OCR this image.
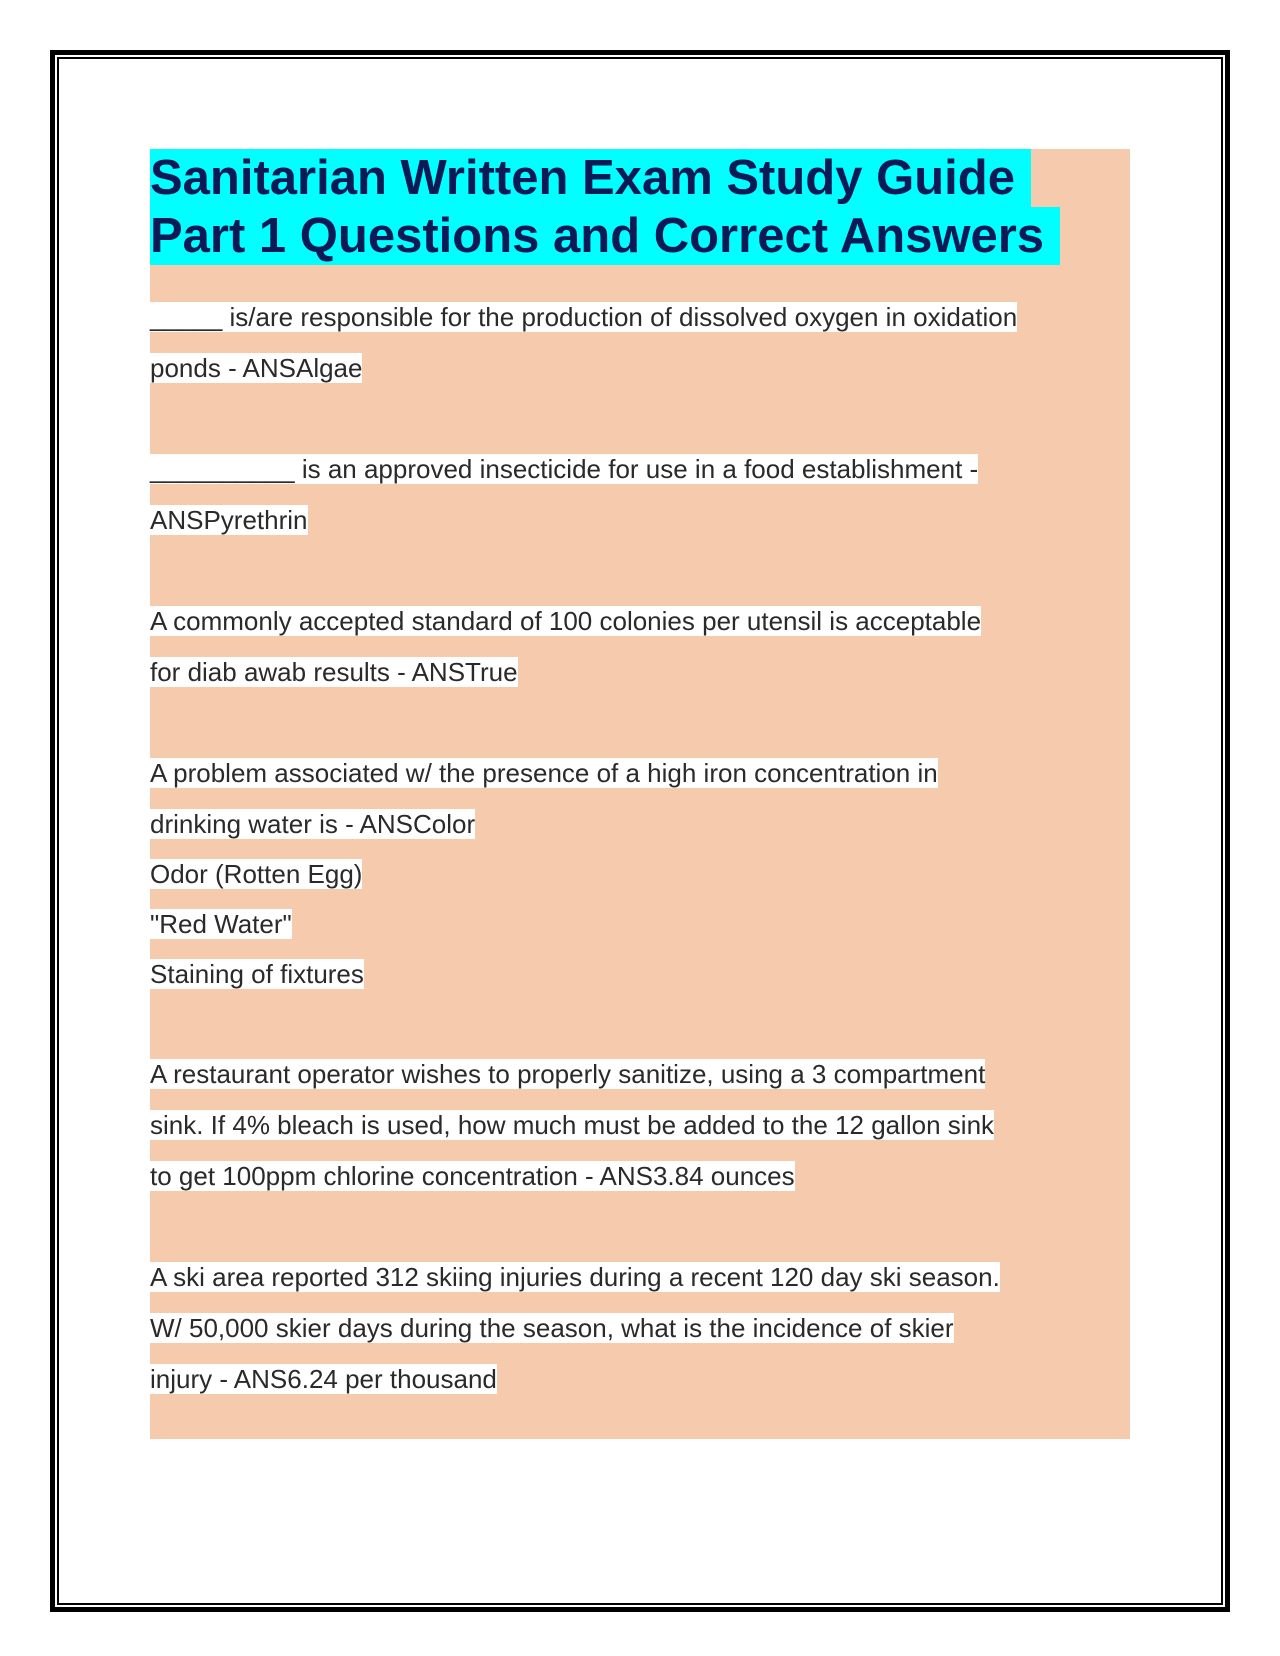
Sanitarian Written Exam Study Guide
Part 1 Questions and Correct Answers
_____ is/are responsible for the production of dissolved oxygen in oxidation
ponds - ANSAlgae
__________ is an approved insecticide for use in a food establishment -
ANSPyrethrin
A commonly accepted standard of 100 colonies per utensil is acceptable
for diab awab results - ANSTrue
A problem associated w/ the presence of a high iron concentration in
drinking water is - ANSColor
Odor (Rotten Egg)
"Red Water"
Staining of fixtures
A restaurant operator wishes to properly sanitize, using a 3 compartment
sink. If 4% bleach is used, how much must be added to the 12 gallon sink
to get 100ppm chlorine concentration - ANS3.84 ounces
A ski area reported 312 skiing injuries during a recent 120 day ski season.
W/ 50,000 skier days during the season, what is the incidence of skier
injury - ANS6.24 per thousand
